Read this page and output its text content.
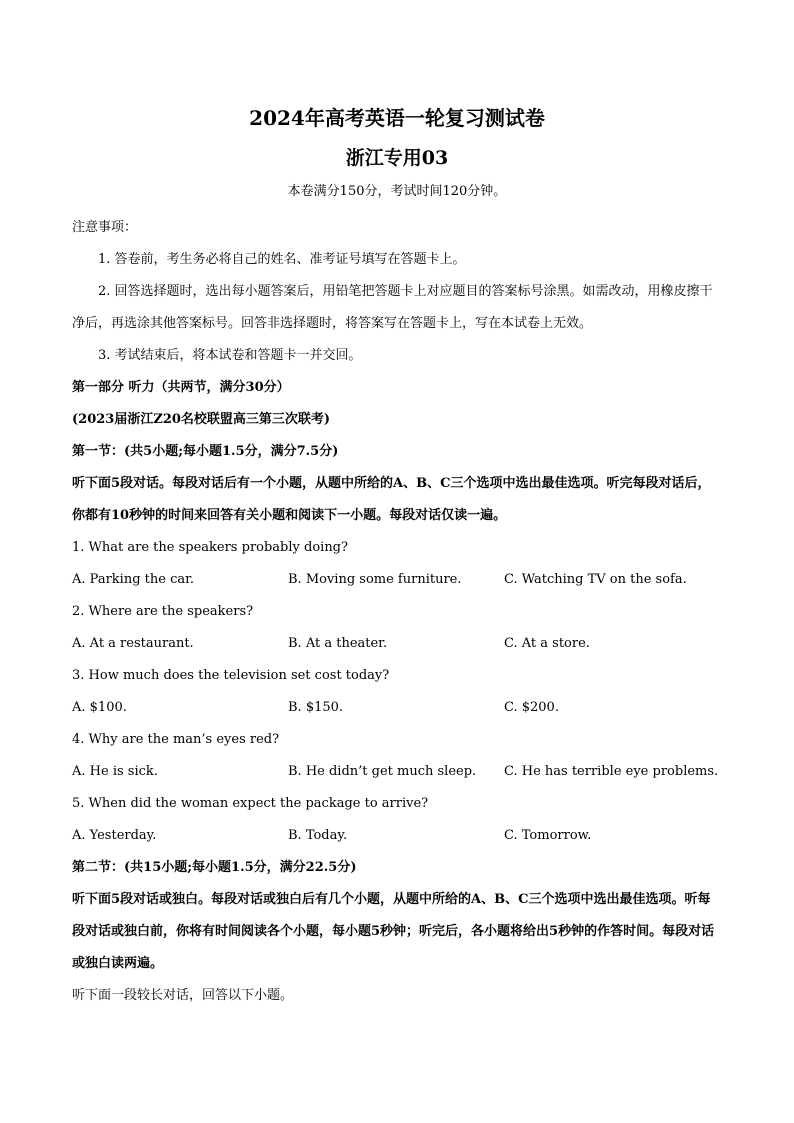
2024年高考英语一轮复习测试卷
浙江专用03

本卷满分150分，考试时间120分钟。

注意事项：

1. 答卷前，考生务必将自己的姓名、准考证号填写在答题卡上。

2. 回答选择题时，选出每小题答案后，用铅笔把答题卡上对应题目的答案标号涂黑。如需改动，用橡皮擦干净后，再选涂其他答案标号。回答非选择题时，将答案写在答题卡上，写在本试卷上无效。

3. 考试结束后，将本试卷和答题卡一并交回。

第一部分 听力（共两节，满分30分）

(2023届浙江Z20名校联盟高三第三次联考)

第一节：(共5小题;每小题1.5分，满分7.5分)

听下面5段对话。每段对话后有一个小题，从题中所给的A、B、C三个选项中选出最佳选项。听完每段对话后，你都有10秒钟的时间来回答有关小题和阅读下一小题。每段对话仅读一遍。

1. What are the speakers probably doing?

A. Parking the car.	B. Moving some furniture.	C. Watching TV on the sofa.

2. Where are the speakers?

A. At a restaurant.	B. At a theater.	C. At a store.

3. How much does the television set cost today?

A. $100.	B. $150.	C. $200.

4. Why are the man’s eyes red?

A. He is sick.	B. He didn’t get much sleep.	C. He has terrible eye problems.

5. When did the woman expect the package to arrive?

A. Yesterday.	B. Today.	C. Tomorrow.

第二节：(共15小题;每小题1.5分，满分22.5分)

听下面5段对话或独白。每段对话或独白后有几个小题，从题中所给的A、B、C三个选项中选出最佳选项。听每段对话或独白前，你将有时间阅读各个小题，每小题5秒钟；听完后，各小题将给出5秒钟的作答时间。每段对话或独白读两遍。

听下面一段较长对话，回答以下小题。
